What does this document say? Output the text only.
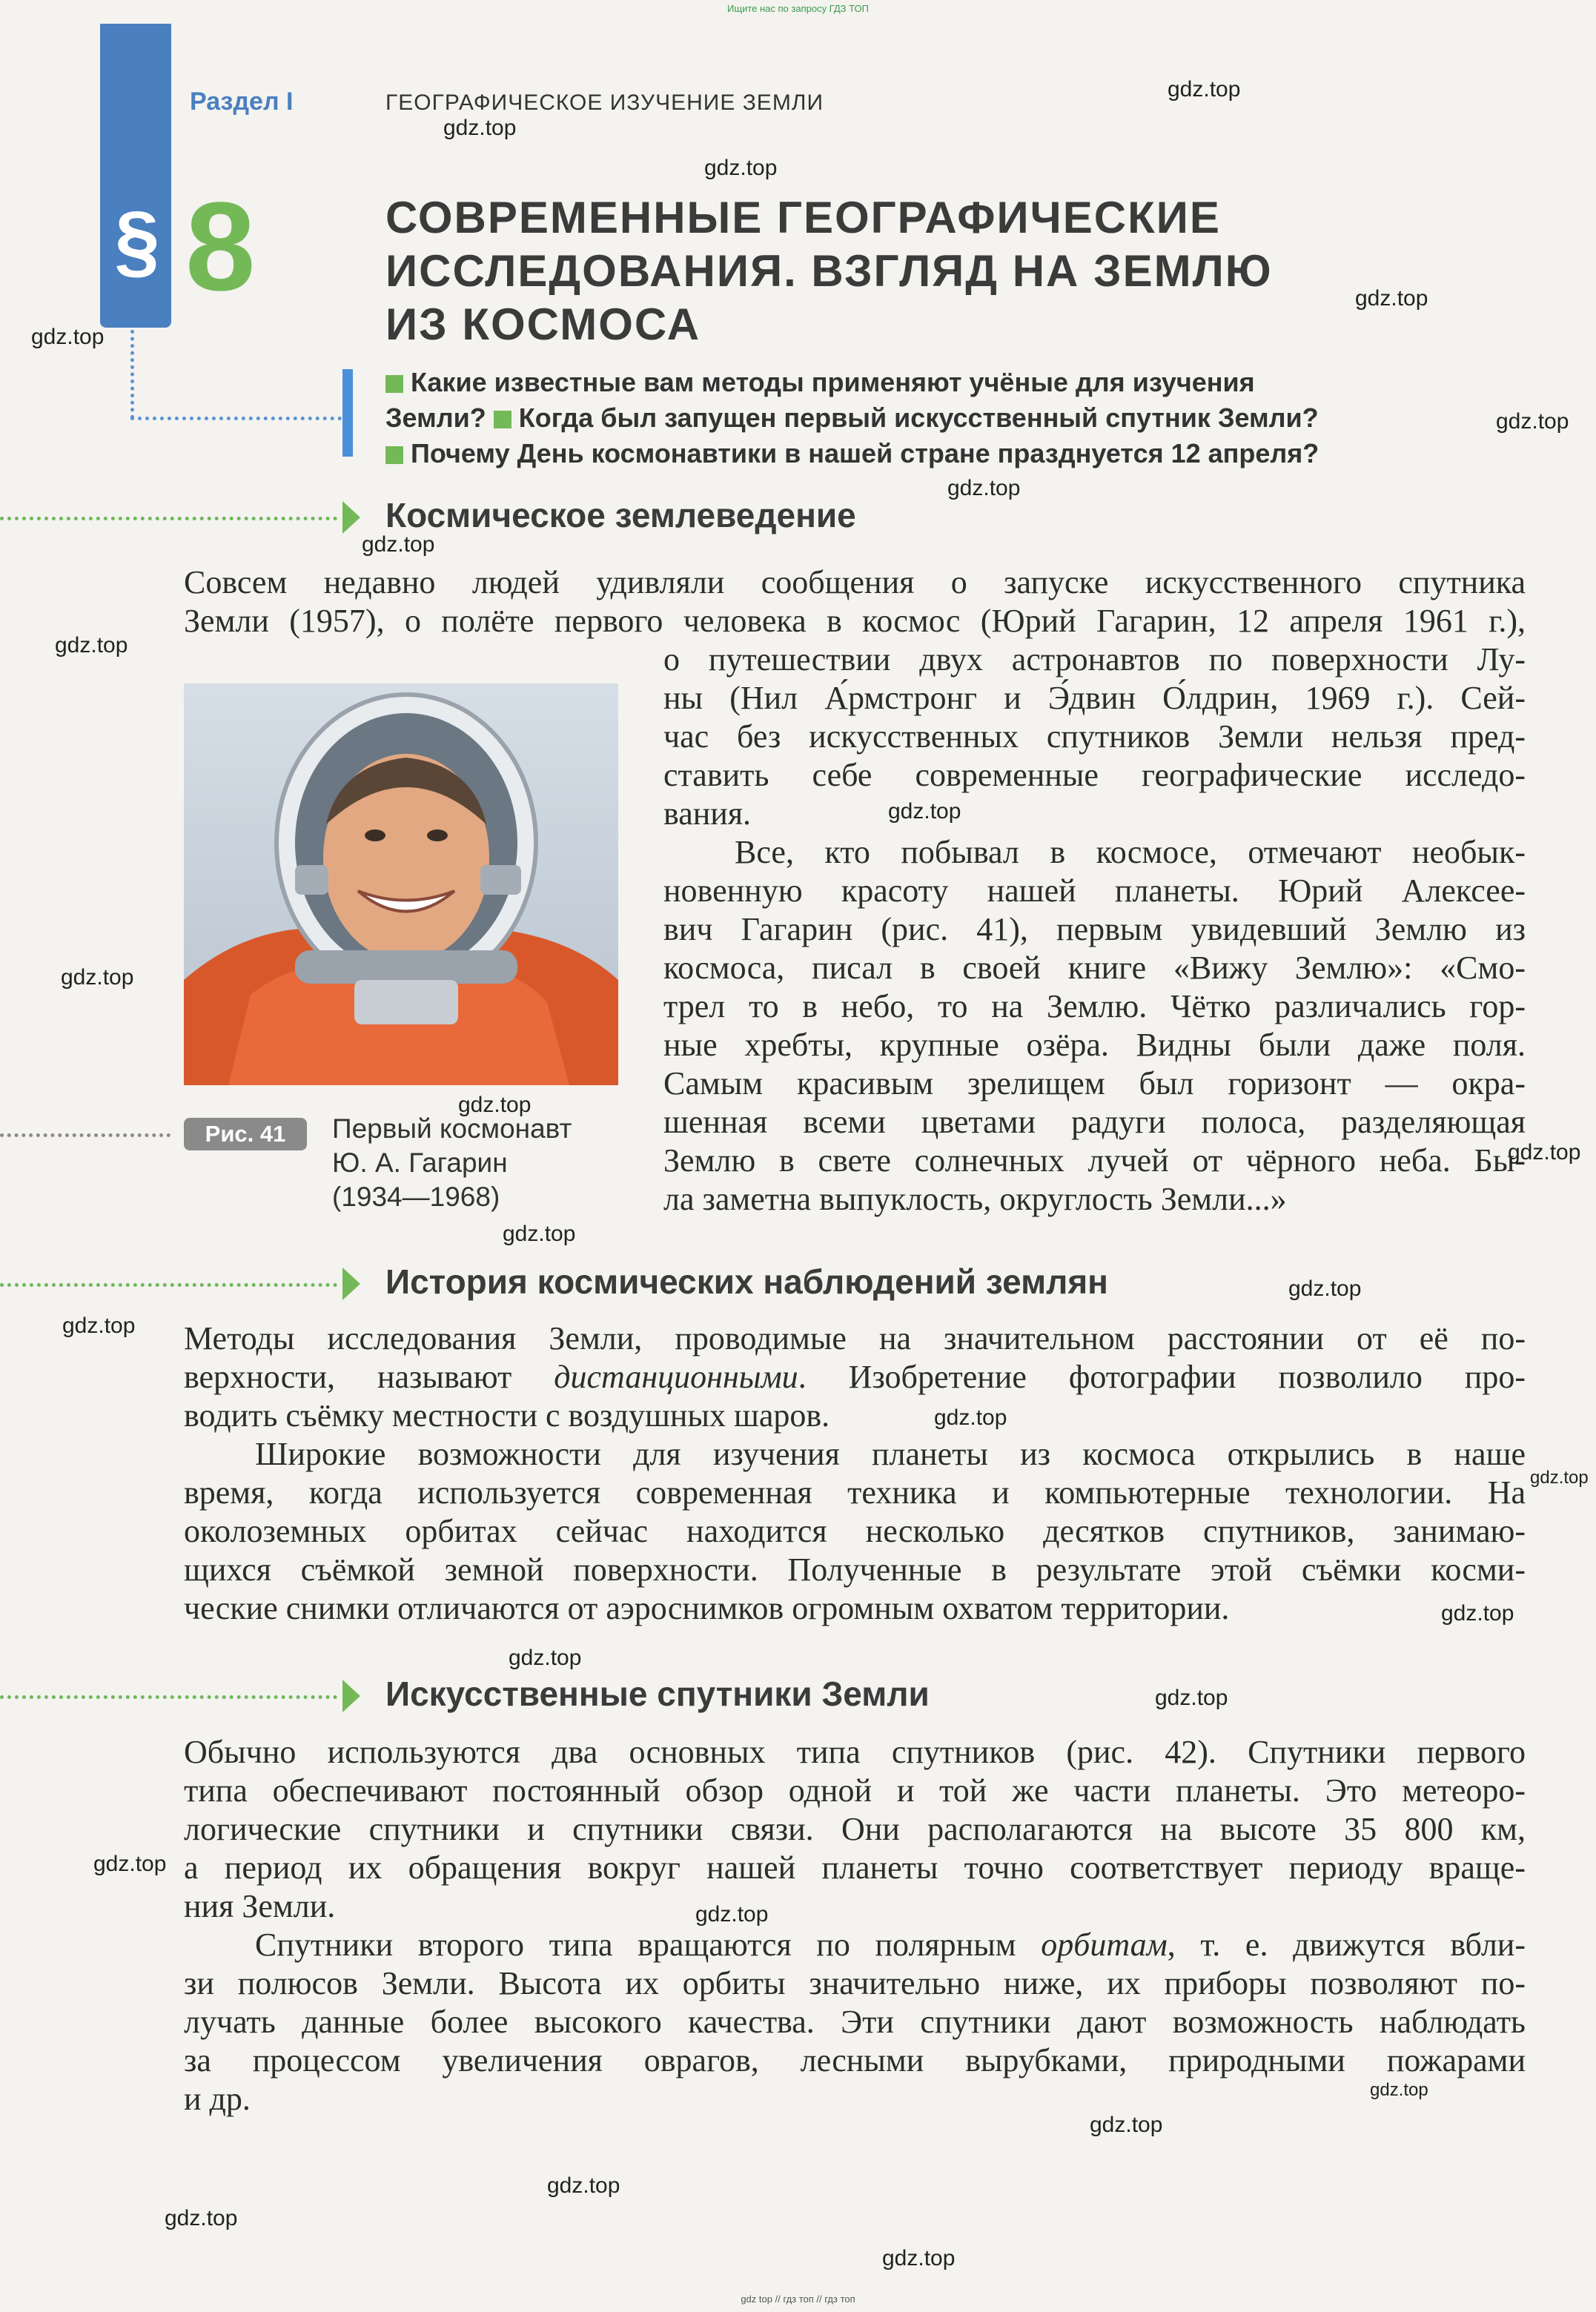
Ищите нас по запросу ГДЗ ТОП
gdz top // гдз топ // гдз топ
§
Раздел I	ГЕОГРАФИЧЕСКОЕ ИЗУЧЕНИЕ ЗЕМЛИ
8	СОВРЕМЕННЫЕ ГЕОГРАФИЧЕСКИЕ
ИССЛЕДОВАНИЯ. ВЗГЛЯД НА ЗЕМЛЮ
ИЗ КОСМОСА
Какие известные вам методы применяют учёные для изучения
Земли? Когда был запущен первый искусственный спутник Земли?
Почему День космонавтики в нашей стране празднуется 12 апреля?
Космическое землеведение
Совсем недавно людей удивляли сообщения о запуске искусственного спутника
Земли (1957), о полёте первого человека в космос (Юрий Гагарин, 12 апреля 1961 г.),
о путешествии двух астронавтов по поверхности Лу-
ны (Нил А́рмстронг и Э́двин О́лдрин, 1969 г.). Сей-
час без искусственных спутников Земли нельзя пред-
ставить себе современные географические исследо-
вания.
Все, кто побывал в космосе, отмечают необык-
новенную красоту нашей планеты. Юрий Алексее-
вич Гагарин (рис. 41), первым увидевший Землю из
космоса, писал в своей книге «Вижу Землю»: «Смо-
трел то в небо, то на Землю. Чётко различались гор-
ные хребты, крупные озёра. Видны были даже поля.
Самым красивым зрелищем был горизонт — окра-
шенная всеми цветами радуги полоса, разделяющая
Землю в свете солнечных лучей от чёрного неба. Бы-
ла заметна выпуклость, округлость Земли...»
Рис. 41	Первый космонавт
Ю. А. Гагарин
(1934—1968)
История космических наблюдений землян
Методы исследования Земли, проводимые на значительном расстоянии от её по-
верхности, называют дистанционными. Изобретение фотографии позволило про-
водить съёмку местности с воздушных шаров.
Широкие возможности для изучения планеты из космоса открылись в наше
время, когда используется современная техника и компьютерные технологии. На
околоземных орбитах сейчас находится несколько десятков спутников, занимаю-
щихся съёмкой земной поверхности. Полученные в результате этой съёмки косми-
ческие снимки отличаются от аэроснимков огромным охватом территории.
Искусственные спутники Земли
Обычно используются два основных типа спутников (рис. 42). Спутники первого
типа обеспечивают постоянный обзор одной и той же части планеты. Это метеоро-
логические спутники и спутники связи. Они располагаются на высоте 35 800 км,
а период их обращения вокруг нашей планеты точно соответствует периоду враще-
ния Земли.
Спутники второго типа вращаются по полярным орбитам, т. е. движутся вбли-
зи полюсов Земли. Высота их орбиты значительно ниже, их приборы позволяют по-
лучать данные более высокого качества. Эти спутники дают возможность наблюдать
за процессом увеличения оврагов, лесными вырубками, природными пожарами
и др.
gdz.top
gdz.top
gdz.top
gdz.top
gdz.top
gdz.top
gdz.top
gdz.top
gdz.top
gdz.top
gdz.top
gdz.top
gdz.top
gdz.top
gdz.top
gdz.top
gdz.top
gdz.top
gdz.top
gdz.top
gdz.top
gdz.top
gdz.top
gdz.top
gdz.top
gdz.top
gdz.top
gdz.top
